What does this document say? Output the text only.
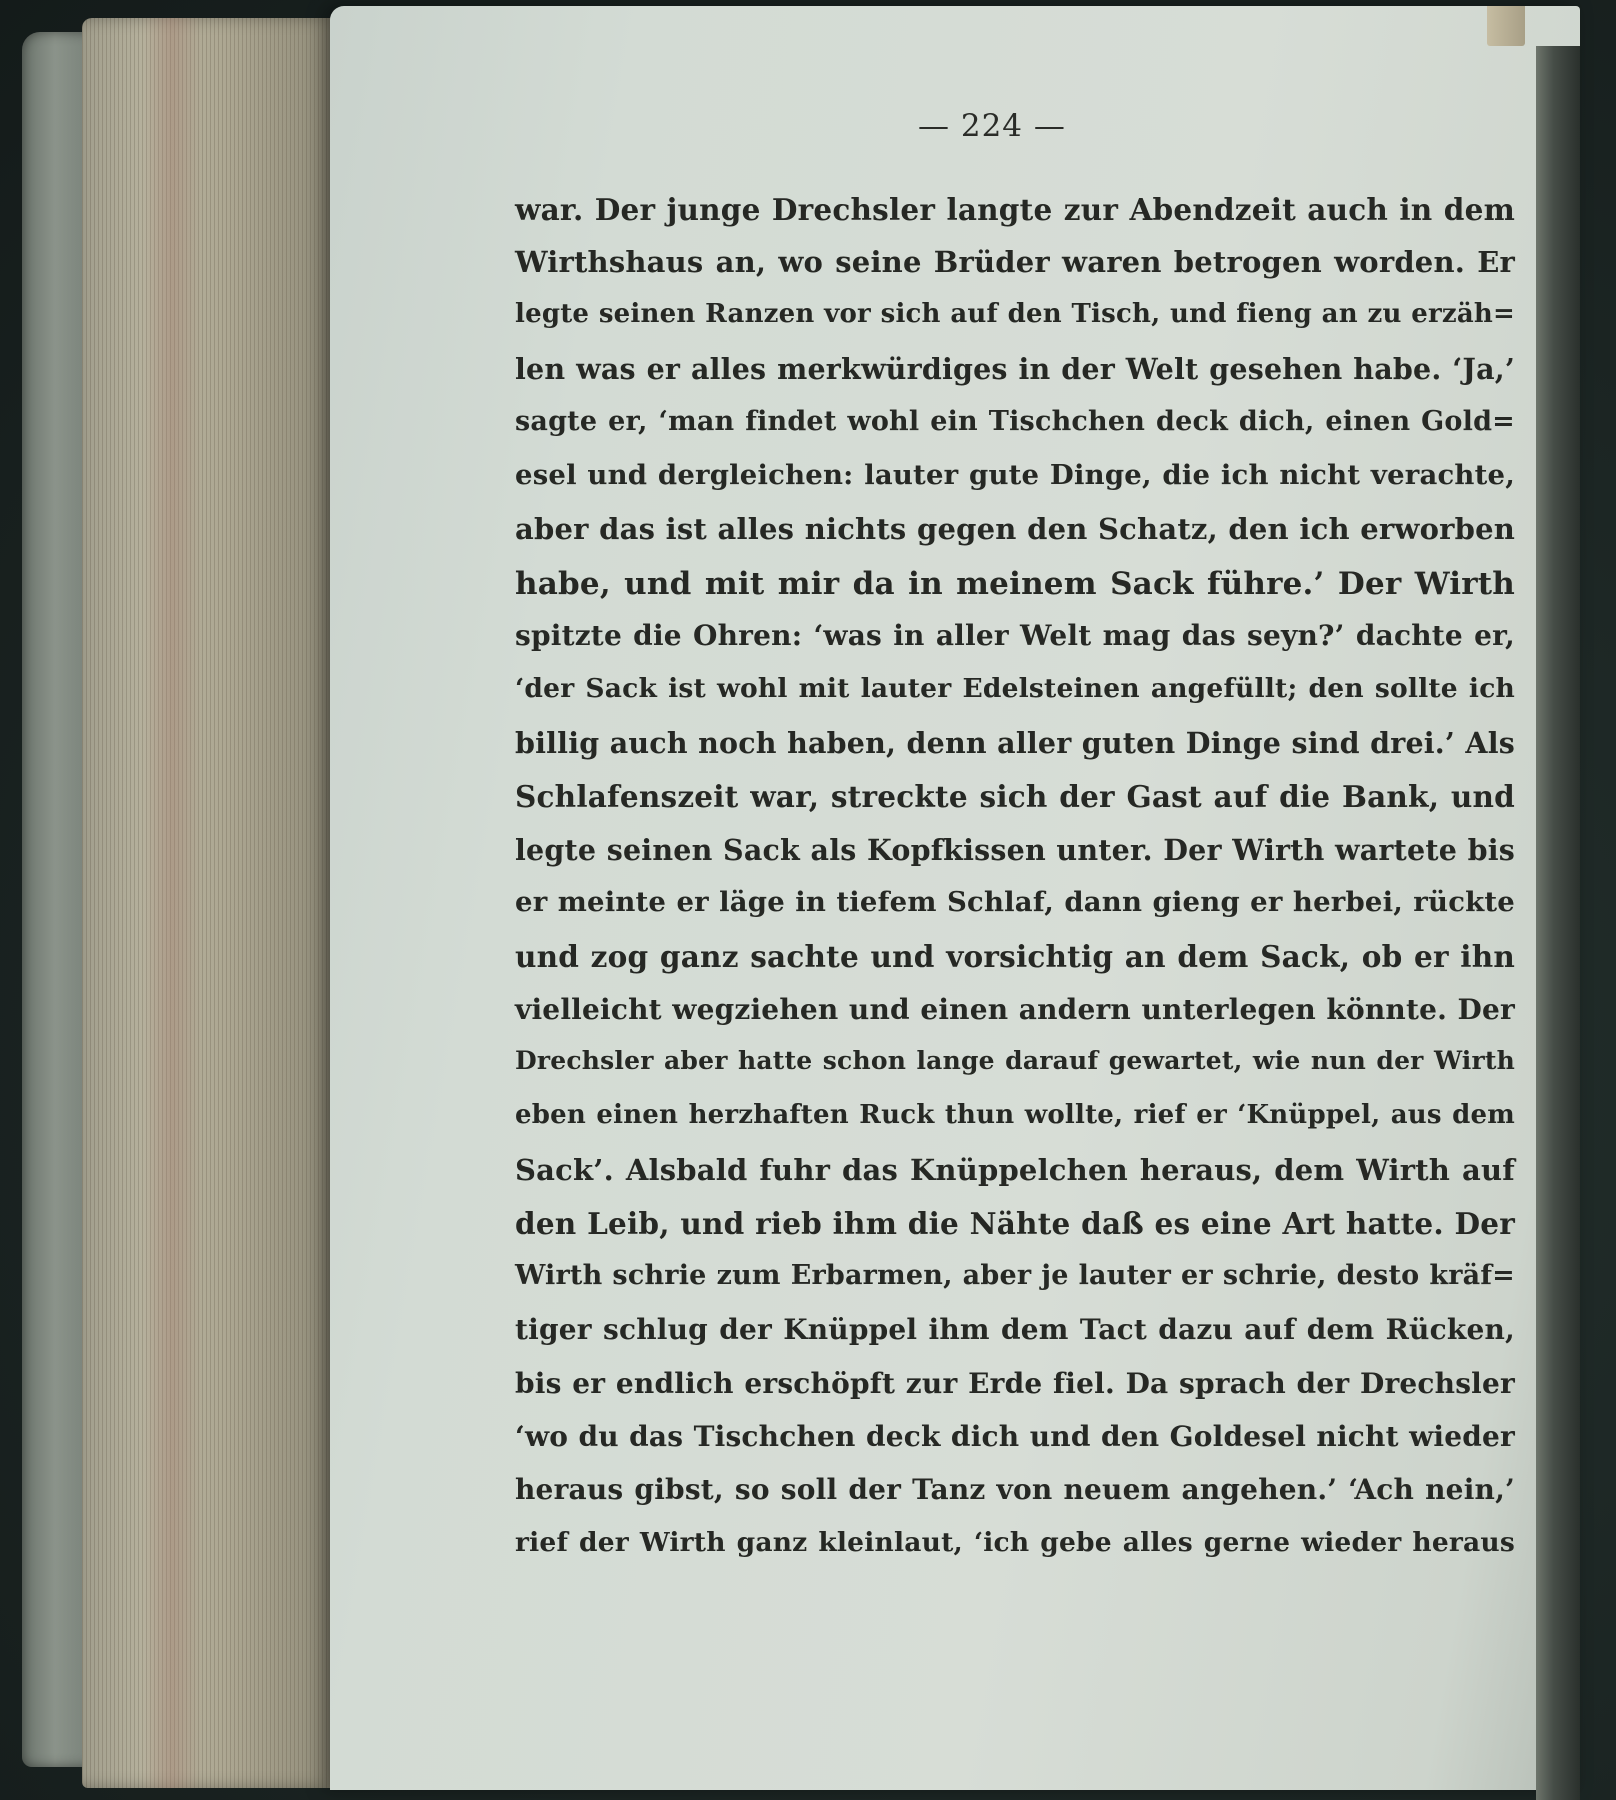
— 224 —
war. Der junge Drechsler langte zur Abendzeit auch in dem
Wirthshaus an, wo seine Brüder waren betrogen worden. Er
legte seinen Ranzen vor sich auf den Tisch, und fieng an zu erzäh=
len was er alles merkwürdiges in der Welt gesehen habe. ‘Ja,’
sagte er, ‘man findet wohl ein Tischchen deck dich, einen Gold=
esel und dergleichen: lauter gute Dinge, die ich nicht verachte,
aber das ist alles nichts gegen den Schatz, den ich erworben
habe, und mit mir da in meinem Sack führe.’ Der Wirth
spitzte die Ohren: ‘was in aller Welt mag das seyn?’ dachte er,
‘der Sack ist wohl mit lauter Edelsteinen angefüllt; den sollte ich
billig auch noch haben, denn aller guten Dinge sind drei.’ Als
Schlafenszeit war, streckte sich der Gast auf die Bank, und
legte seinen Sack als Kopfkissen unter. Der Wirth wartete bis
er meinte er läge in tiefem Schlaf, dann gieng er herbei, rückte
und zog ganz sachte und vorsichtig an dem Sack, ob er ihn
vielleicht wegziehen und einen andern unterlegen könnte. Der
Drechsler aber hatte schon lange darauf gewartet, wie nun der Wirth
eben einen herzhaften Ruck thun wollte, rief er ‘Knüppel, aus dem
Sack’. Alsbald fuhr das Knüppelchen heraus, dem Wirth auf
den Leib, und rieb ihm die Nähte daß es eine Art hatte. Der
Wirth schrie zum Erbarmen, aber je lauter er schrie, desto kräf=
tiger schlug der Knüppel ihm dem Tact dazu auf dem Rücken,
bis er endlich erschöpft zur Erde fiel. Da sprach der Drechsler
‘wo du das Tischchen deck dich und den Goldesel nicht wieder
heraus gibst, so soll der Tanz von neuem angehen.’ ‘Ach nein,’
rief der Wirth ganz kleinlaut, ‘ich gebe alles gerne wieder heraus
